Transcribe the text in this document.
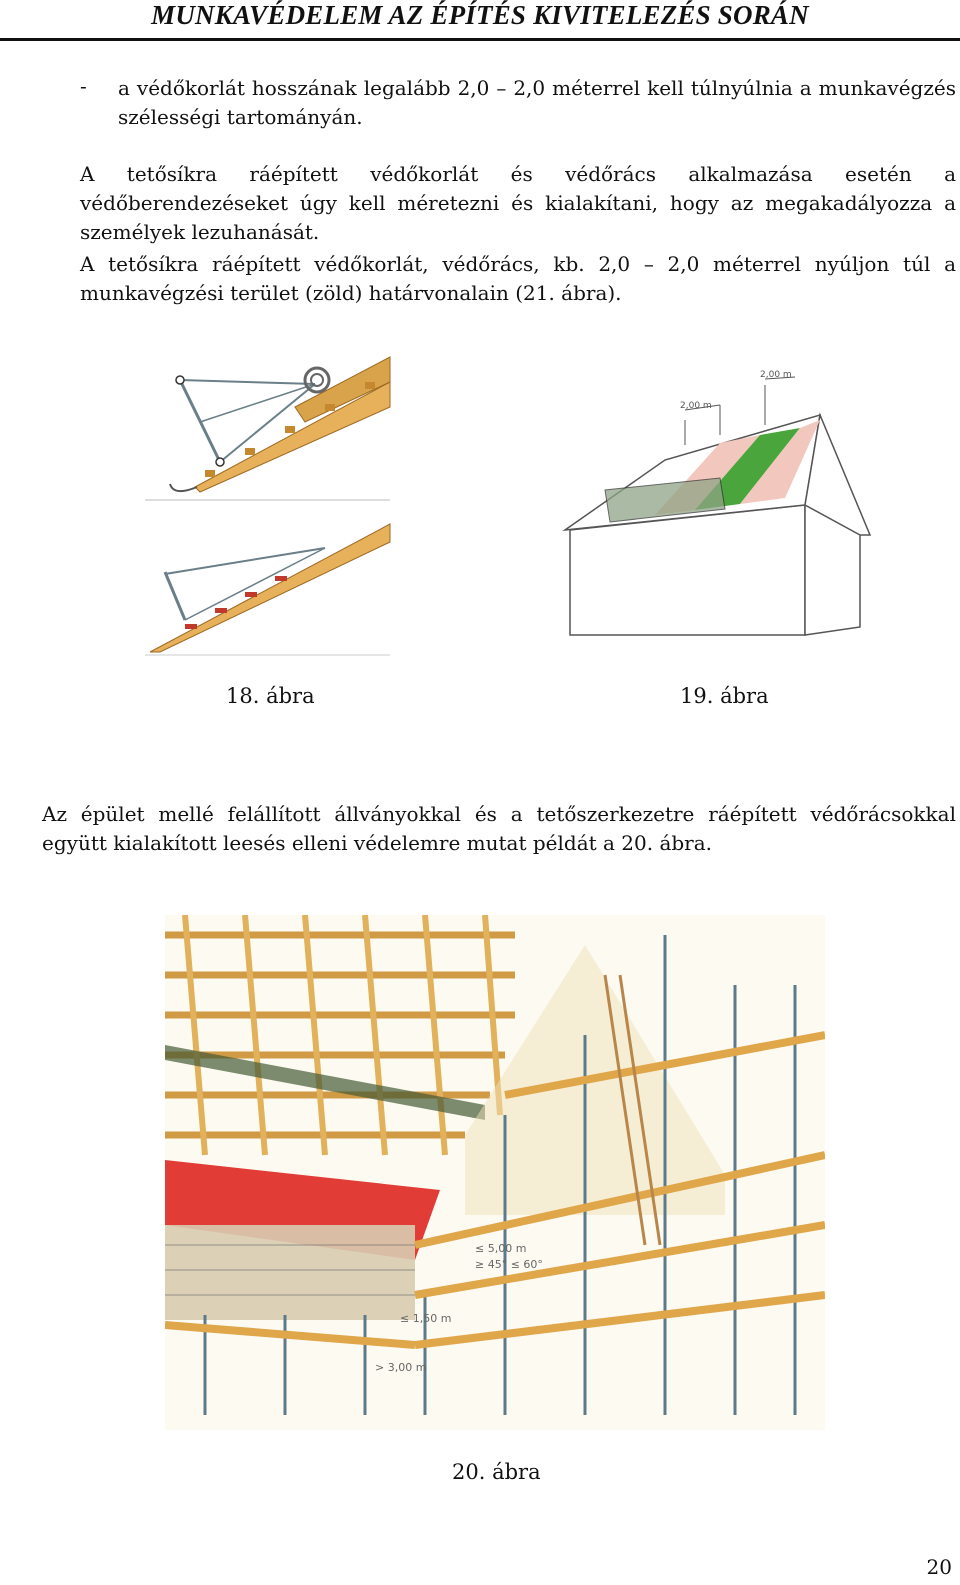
MUNKAVÉDELEM AZ ÉPÍTÉS KIVITELEZÉS SORÁN
- a védőkorlát hosszának legalább 2,0 – 2,0 méterrel kell túlnyúlnia a munkavégzés szélességi tartományán.
A tetősíkra ráépített védőkorlát és védőrács alkalmazása esetén a védőberendezéseket úgy kell méretezni és kialakítani, hogy az megakadályozza a személyek lezuhanását.
A tetősíkra ráépített védőkorlát, védőrács, kb. 2,0 – 2,0 méterrel nyúljon túl a munkavégzési terület (zöld) határvonalain (21. ábra).
2,00 m
2,00 m
18. ábra	19. ábra
Az épület mellé felállított állványokkal és a tetőszerkezetre ráépített védőrácsokkal együtt kialakított leesés elleni védelemre mutat példát a 20. ábra.
≤ 5,00 m
≥ 45° ≤ 60°
≤ 1,50 m
> 3,00 m
20. ábra
20
